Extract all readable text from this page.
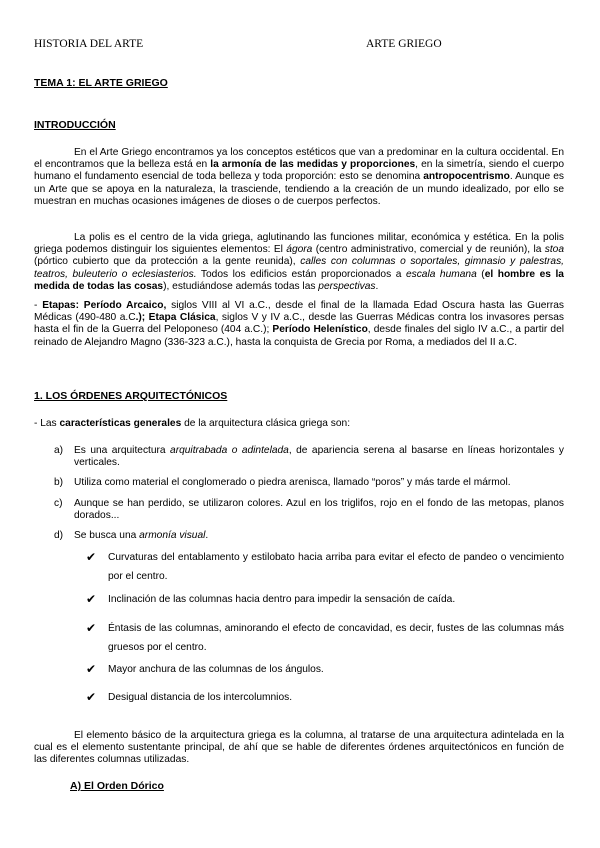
HISTORIA DEL ARTE	ARTE GRIEGO
TEMA 1: EL ARTE GRIEGO
INTRODUCCIÓN

En el Arte Griego encontramos ya los conceptos estéticos que van a predominar en la cultura occidental. En el encontramos que la belleza está en la armonía de las medidas y proporciones, en la simetría, siendo el cuerpo humano el fundamento esencial de toda belleza y toda proporción: esto se denomina antropocentrismo. Aunque es un Arte que se apoya en la naturaleza, la trasciende, tendiendo a la creación de un mundo idealizado, por ello se muestran en muchas ocasiones imágenes de dioses o de cuerpos perfectos.

La polis es el centro de la vida griega, aglutinando las funciones militar, económica y estética. En la polis griega podemos distinguir los siguientes elementos: El ágora (centro administrativo, comercial y de reunión), la stoa (pórtico cubierto que da protección a la gente reunida), calles con columnas o soportales, gimnasio y palestras, teatros, buleuterio o eclesiasterios. Todos los edificios están proporcionados a escala humana (el hombre es la medida de todas las cosas), estudiándose además todas las perspectivas.

- Etapas: Período Arcaico, siglos VIII al VI a.C., desde el final de la llamada Edad Oscura hasta las Guerras Médicas (490-480 a.C.); Etapa Clásica, siglos V y IV a.C., desde las Guerras Médicas contra los invasores persas hasta el fin de la Guerra del Peloponeso (404 a.C.); Período Helenístico, desde finales del siglo IV a.C., a partir del reinado de Alejandro Magno (336-323 a.C.), hasta la conquista de Grecia por Roma, a mediados del II a.C.

1. LOS ÓRDENES ARQUITECTÓNICOS

- Las características generales de la arquitectura clásica griega son:

a) Es una arquitectura arquitrabada o adintelada, de apariencia serena al basarse en líneas horizontales y verticales.
b) Utiliza como material el conglomerado o piedra arenisca, llamado “poros” y más tarde el mármol.
c) Aunque se han perdido, se utilizaron colores. Azul en los triglifos, rojo en el fondo de las metopas, planos dorados...
d) Se busca una armonía visual.
✔	Curvaturas del entablamento y estilobato hacia arriba para evitar el efecto de pandeo o vencimiento por el centro.
✔	Inclinación de las columnas hacia dentro para impedir la sensación de caída.
✔	Éntasis de las columnas, aminorando el efecto de concavidad, es decir, fustes de las columnas más gruesos por el centro.
✔	Mayor anchura de las columnas de los ángulos.
✔	Desigual distancia de los intercolumnios.

El elemento básico de la arquitectura griega es la columna, al tratarse de una arquitectura adintelada en la cual es el elemento sustentante principal, de ahí que se hable de diferentes órdenes arquitectónicos en función de las diferentes columnas utilizadas.

A) El Orden Dórico
